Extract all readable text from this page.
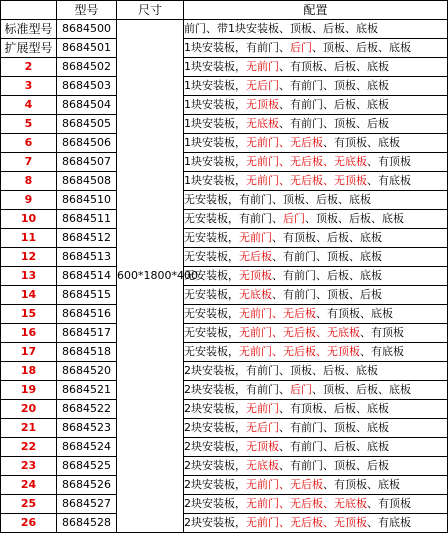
	型号	尺寸	配置
标准型号	8684500	600*1800*400	前门、带1块安装板、顶板、后板、底板
扩展型号	8684501		1块安装板，有前门、后门、顶板、后板、底板
2	8684502		1块安装板，无前门、有顶板、后板、底板
3	8684503		1块安装板，无后门、有前门、顶板、底板
4	8684504		1块安装板，无顶板、有前门、后板、底板
5	8684505		1块安装板，无底板、有前门、顶板、后板
6	8684506		1块安装板，无前门、无后板、有顶板、底板
7	8684507		1块安装板，无前门、无后板、无底板、有顶板
8	8684508		1块安装板，无前门、无后板、无顶板、有底板
9	8684510		无安装板，有前门、顶板、后板、底板
10	8684511		无安装板，有前门、后门、顶板、后板、底板
11	8684512		无安装板，无前门、有顶板、后板、底板
12	8684513		无安装板，无后板、有前门、顶板、底板
13	8684514		无安装板，无顶板、有前门、后板、底板
14	8684515		无安装板，无底板、有前门、顶板、后板
15	8684516		无安装板，无前门、无后板、有顶板、底板
16	8684517		无安装板，无前门、无后板、无底板、有顶板
17	8684518		无安装板，无前门、无后板、无顶板、有底板
18	8684520		2块安装板，有前门、顶板、后板、底板
19	8684521		2块安装板，有前门、后门、顶板、后板、底板
20	8684522		2块安装板，无前门、有顶板、后板、底板
21	8684523		2块安装板，无后门、有前门、顶板、底板
22	8684524		2块安装板，无顶板、有前门、后板、底板
23	8684525		2块安装板，无底板、有前门、顶板、后板
24	8684526		2块安装板，无前门、无后板、有顶板、底板
25	8684527		2块安装板，无前门、无后板、无底板、有顶板
26	8684528		2块安装板，无前门、无后板、无顶板、有底板
